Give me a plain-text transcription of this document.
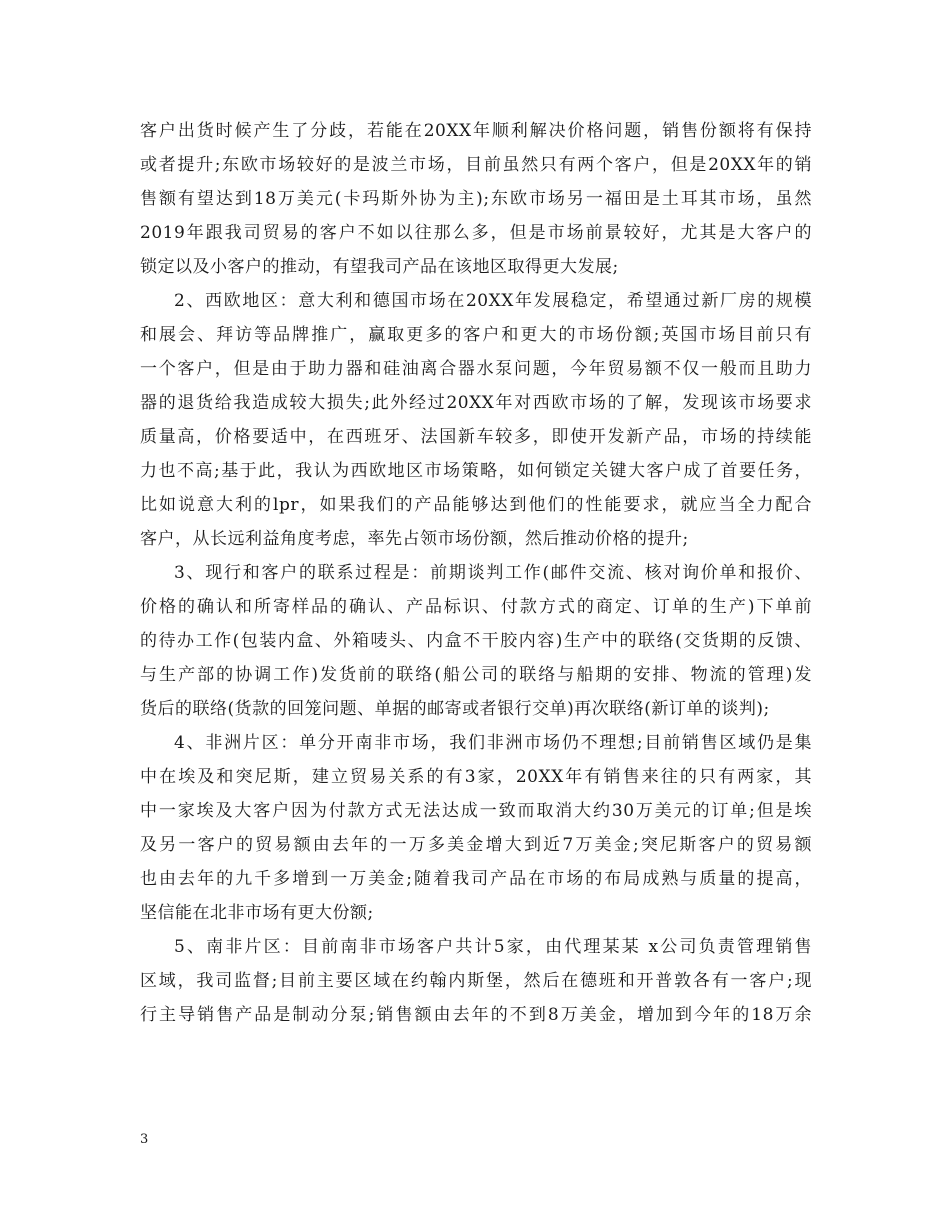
客户出货时候产生了分歧，若能在20XX年顺利解决价格问题，销售份额将有保持
或者提升;东欧市场较好的是波兰市场，目前虽然只有两个客户，但是20XX年的销
售额有望达到18万美元(卡玛斯外协为主);东欧市场另一福田是土耳其市场，虽然
2019年跟我司贸易的客户不如以往那么多，但是市场前景较好，尤其是大客户的
锁定以及小客户的推动，有望我司产品在该地区取得更大发展;
2、西欧地区：意大利和德国市场在20XX年发展稳定，希望通过新厂房的规模
和展会、拜访等品牌推广，赢取更多的客户和更大的市场份额;英国市场目前只有
一个客户，但是由于助力器和硅油离合器水泵问题，今年贸易额不仅一般而且助力
器的退货给我造成较大损失;此外经过20XX年对西欧市场的了解，发现该市场要求
质量高，价格要适中，在西班牙、法国新车较多，即使开发新产品，市场的持续能
力也不高;基于此，我认为西欧地区市场策略，如何锁定关键大客户成了首要任务，
比如说意大利的lpr，如果我们的产品能够达到他们的性能要求，就应当全力配合
客户，从长远利益角度考虑，率先占领市场份额，然后推动价格的提升;
3、现行和客户的联系过程是：前期谈判工作(邮件交流、核对询价单和报价、
价格的确认和所寄样品的确认、产品标识、付款方式的商定、订单的生产)下单前
的待办工作(包装内盒、外箱唛头、内盒不干胶内容)生产中的联络(交货期的反馈、
与生产部的协调工作)发货前的联络(船公司的联络与船期的安排、物流的管理)发
货后的联络(货款的回笼问题、单据的邮寄或者银行交单)再次联络(新订单的谈判);
4、非洲片区：单分开南非市场，我们非洲市场仍不理想;目前销售区域仍是集
中在埃及和突尼斯，建立贸易关系的有3家，20XX年有销售来往的只有两家，其
中一家埃及大客户因为付款方式无法达成一致而取消大约30万美元的订单;但是埃
及另一客户的贸易额由去年的一万多美金增大到近7万美金;突尼斯客户的贸易额
也由去年的九千多增到一万美金;随着我司产品在市场的布局成熟与质量的提高，
坚信能在北非市场有更大份额;
5、南非片区：目前南非市场客户共计5家，由代理某某 x公司负责管理销售
区域，我司监督;目前主要区域在约翰内斯堡，然后在德班和开普敦各有一客户;现
行主导销售产品是制动分泵;销售额由去年的不到8万美金，增加到今年的18万余
3
